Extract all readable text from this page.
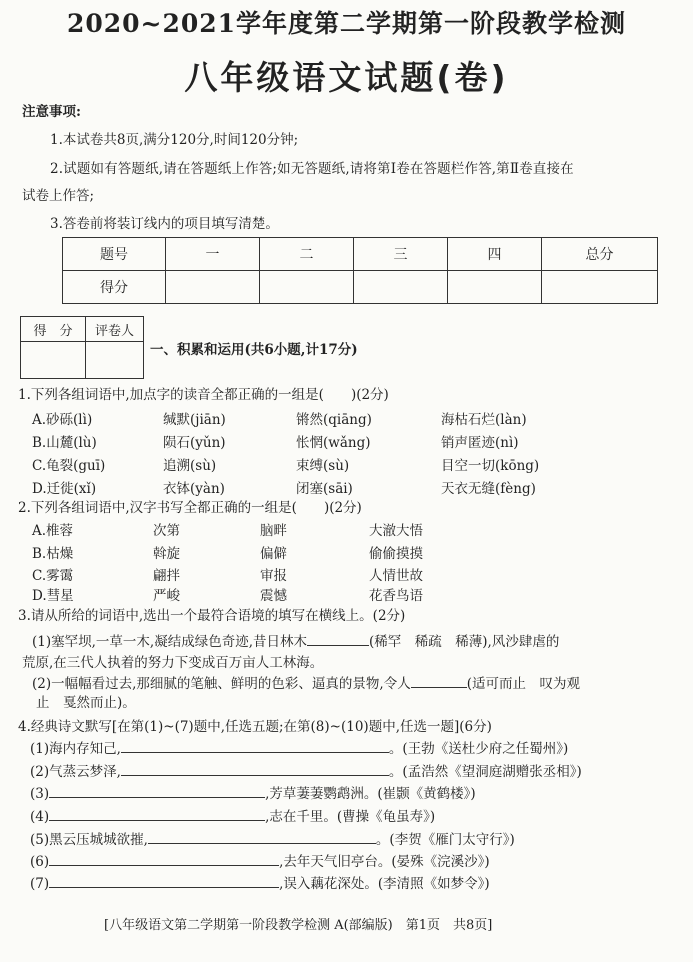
2020~2021学年度第二学期第一阶段教学检测
八年级语文试题(卷)
注意事项:
1.本试卷共8页,满分120分,时间120分钟;
2.试题如有答题纸,请在答题纸上作答;如无答题纸,请将第Ⅰ卷在答题栏作答,第Ⅱ卷直接在
试卷上作答;
3.答卷前将装订线内的项目填写清楚。
题号	一	二	三	四	总分
得分					
得　分	评卷人

一、积累和运用(共6小题,计17分)
1.下列各组词语中,加点字的读音全都正确的一组是(　　)(2分)
A.砂砾(lì)	缄默(jiān)	锵然(qiāng)	海枯石烂(làn)
B.山麓(lù)	陨石(yǔn)	怅惘(wǎng)	销声匿迹(nì)
C.龟裂(guī)	追溯(sù)	束缚(sù)	目空一切(kōng)
D.迁徙(xǐ)	衣钵(yàn)	闭塞(sāi)	天衣无缝(fèng)
2.下列各组词语中,汉字书写全都正确的一组是(　　)(2分)
A.椎蓉	次第	脑畔	大澈大悟
B.枯燥	斡旋	偏僻	偷偷摸摸
C.雾霭	翩拌	审报	人情世故
D.彗星	严峻	震憾	花香鸟语
3.请从所给的词语中,选出一个最符合语境的填写在横线上。(2分)
(1)塞罕坝,一草一木,凝结成绿色奇迹,昔日林木	(稀罕　稀疏　稀薄),风沙肆虐的
荒原,在三代人执着的努力下变成百万亩人工林海。
(2)一幅幅看过去,那细腻的笔触、鲜明的色彩、逼真的景物,令人	(适可而止　叹为观
止　戛然而止)。
4.经典诗文默写[在第(1)~(7)题中,任选五题;在第(8)~(10)题中,任选一题](6分)
(1)海内存知己,	。(王勃《送杜少府之任蜀州》)
(2)气蒸云梦泽,	。(孟浩然《望洞庭湖赠张丞相》)
(3)	,芳草萋萋鹦鹉洲。(崔颢《黄鹤楼》)
(4)	,志在千里。(曹操《龟虽寿》)
(5)黑云压城城欲摧,	。(李贺《雁门太守行》)
(6)	,去年天气旧亭台。(晏殊《浣溪沙》)
(7)	,误入藕花深处。(李清照《如梦令》)
[八年级语文第二学期第一阶段教学检测 A(部编版)　第1页　共8页]
